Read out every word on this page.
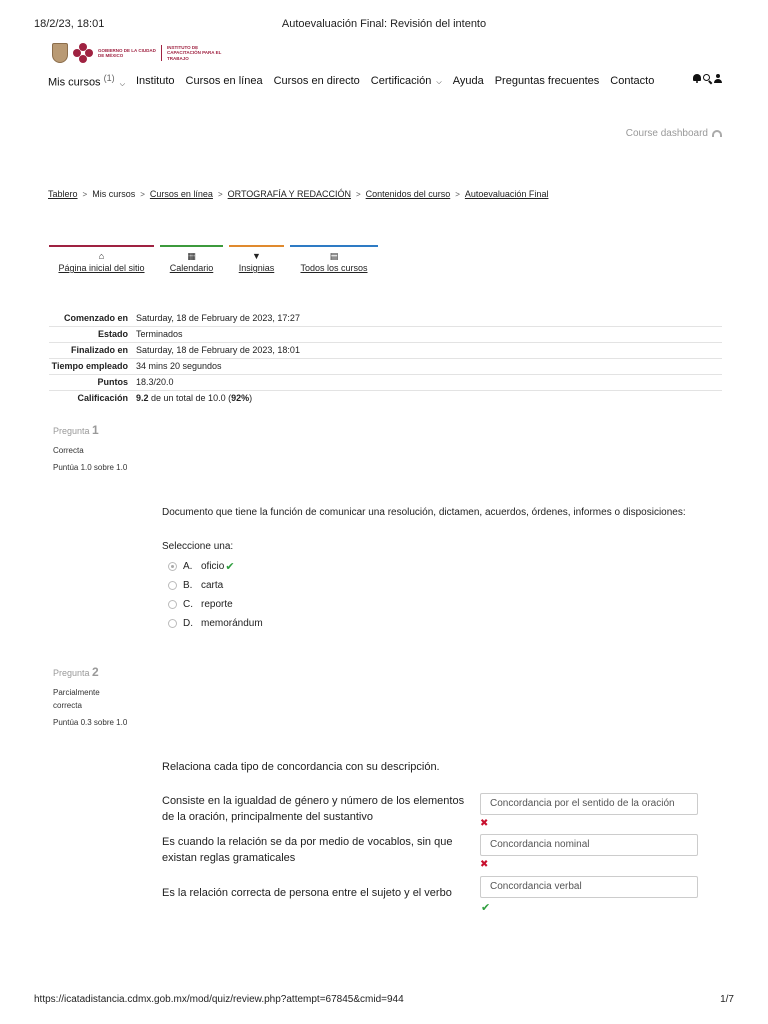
18/2/23, 18:01	Autoevaluación Final: Revisión del intento
GOBIERNO DE LA CIUDAD DE MÉXICO
INSTITUTO DE CAPACITACIÓN PARA EL TRABAJO
Mis cursos $^{(1)}$ ⌵ Instituto Cursos en línea Cursos en directo Certificación ⌵ Ayuda Preguntas frecuentes Contacto
Course dashboard
Tablero > Mis cursos > Cursos en línea > ORTOGRAFÍA Y REDACCIÓN > Contenidos del curso > Autoevaluación Final
⌂
Página inicial del sitio
▦
Calendario
▼
Insignias
▤
Todos los cursos
Comenzado en	Saturday, 18 de February de 2023, 17:27
Estado	Terminados
Finalizado en	Saturday, 18 de February de 2023, 18:01
Tiempo empleado	34 mins 20 segundos
Puntos	18.3/20.0
Calificación	9.2 de un total de 10.0 (92%)
Pregunta 1
Correcta
Puntúa 1.0 sobre 1.0
Documento que tiene la función de comunicar una resolución, dictamen, acuerdos, órdenes, informes o disposiciones:
Seleccione una:
A. oficio ✔
B. carta
C. reporte
D. memorándum
Pregunta 2
Parcialmente correcta
Puntúa 0.3 sobre 1.0
Relaciona cada tipo de concordancia con su descripción.
Consiste en la igualdad de género y número de los elementos de la oración, principalmente del sustantivo
Concordancia por el sentido de la oración
✖
Es cuando la relación se da por medio de vocablos, sin que existan reglas gramaticales
Concordancia nominal
✖
Es la relación correcta de persona entre el sujeto y el verbo
Concordancia verbal
✔
https://icatadistancia.cdmx.gob.mx/mod/quiz/review.php?attempt=67845&cmid=944	1/7
